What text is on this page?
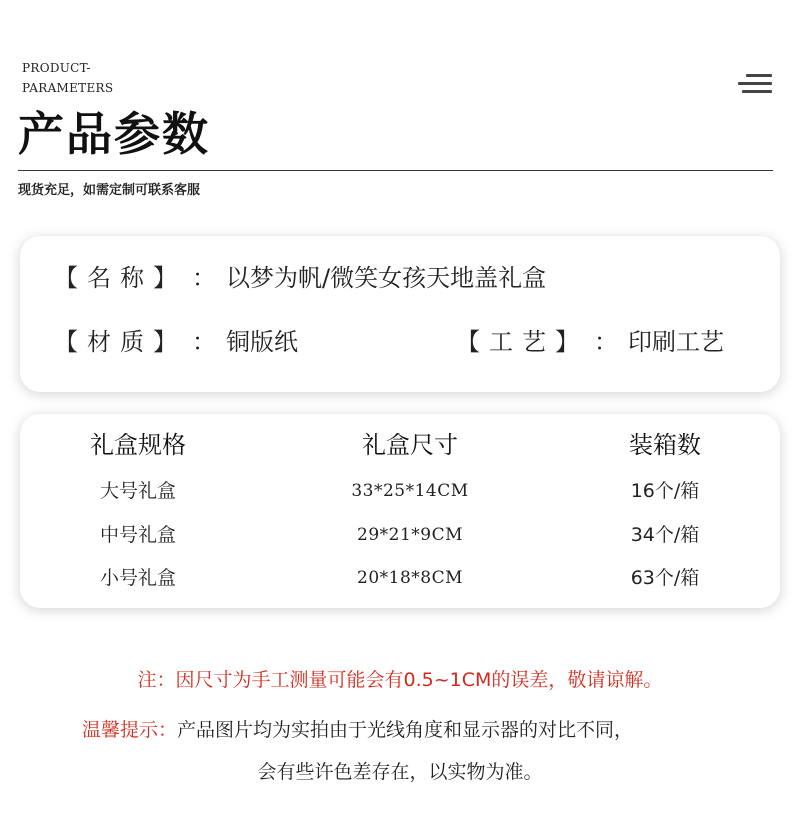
PRODUCT-
PARAMETERS
产品参数
现货充足，如需定制可联系客服
【名称】 ： 以梦为帆/微笑女孩天地盖礼盒
【材质】 ： 铜版纸	【工艺】 ： 印刷工艺
礼盒规格	礼盒尺寸	装箱数
大号礼盒	33*25*14CM	16个/箱
中号礼盒	29*21*9CM	34个/箱
小号礼盒	20*18*8CM	63个/箱
注：因尺寸为手工测量可能会有0.5~1CM的误差，敬请谅解。
温馨提示：产品图片均为实拍由于光线角度和显示器的对比不同，
会有些许色差存在，以实物为准。
